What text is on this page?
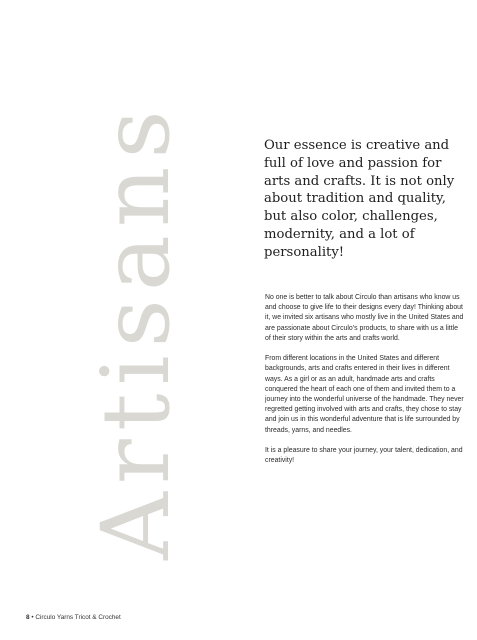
Artisans	Our essence is creative and full of love and passion for arts and crafts. It is not only about tradition and quality, but also color, challenges, modernity, and a lot of personality!

No one is better to talk about Circulo than artisans who know us and choose to give life to their designs every day! Thinking about it, we invited six artisans who mostly live in the United States and are passionate about Circulo’s products, to share with us a little of their story within the arts and crafts world.

From different locations in the United States and different backgrounds, arts and crafts entered in their lives in different ways. As a girl or as an adult, handmade arts and crafts conquered the heart of each one of them and invited them to a journey into the wonderful universe of the handmade. They never regretted getting involved with arts and crafts, they chose to stay and join us in this wonderful adventure that is life surrounded by threads, yarns, and needles.

It is a pleasure to share your journey, your talent, dedication, and creativity!

8 • Circulo Yarns Tricot & Crochet
